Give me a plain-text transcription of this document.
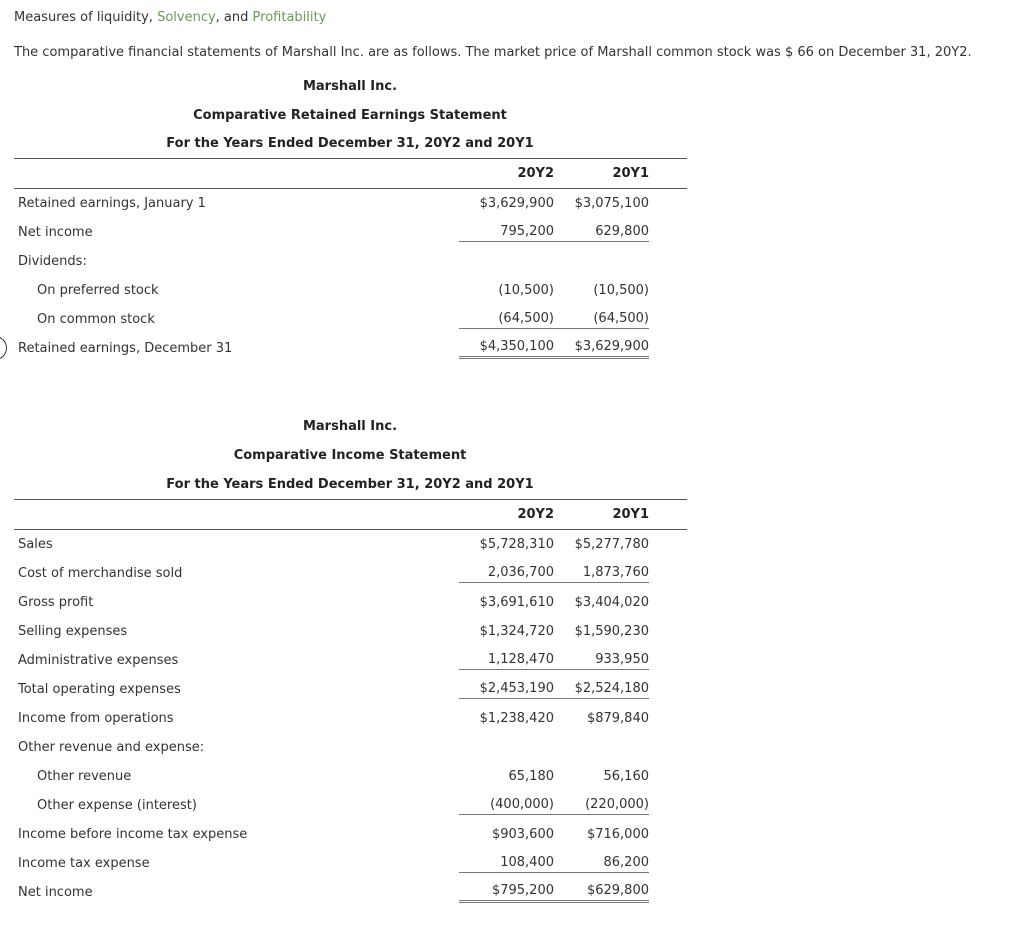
Measures of liquidity, Solvency, and Profitability
The comparative financial statements of Marshall Inc. are as follows. The market price of Marshall common stock was $ 66 on December 31, 20Y2.
Marshall Inc.
Comparative Retained Earnings Statement
For the Years Ended December 31, 20Y2 and 20Y1
	20Y2	20Y1
Retained earnings, January 1	$3,629,900	$3,075,100
Net income	795,200	629,800
Dividends:		
On preferred stock	(10,500)	(10,500)
On common stock	(64,500)	(64,500)
Retained earnings, December 31	$4,350,100	$3,629,900
Marshall Inc.
Comparative Income Statement
For the Years Ended December 31, 20Y2 and 20Y1
	20Y2	20Y1
Sales	$5,728,310	$5,277,780
Cost of merchandise sold	2,036,700	1,873,760
Gross profit	$3,691,610	$3,404,020
Selling expenses	$1,324,720	$1,590,230
Administrative expenses	1,128,470	933,950
Total operating expenses	$2,453,190	$2,524,180
Income from operations	$1,238,420	$879,840
Other revenue and expense:		
Other revenue	65,180	56,160
Other expense (interest)	(400,000)	(220,000)
Income before income tax expense	$903,600	$716,000
Income tax expense	108,400	86,200
Net income	$795,200	$629,800
